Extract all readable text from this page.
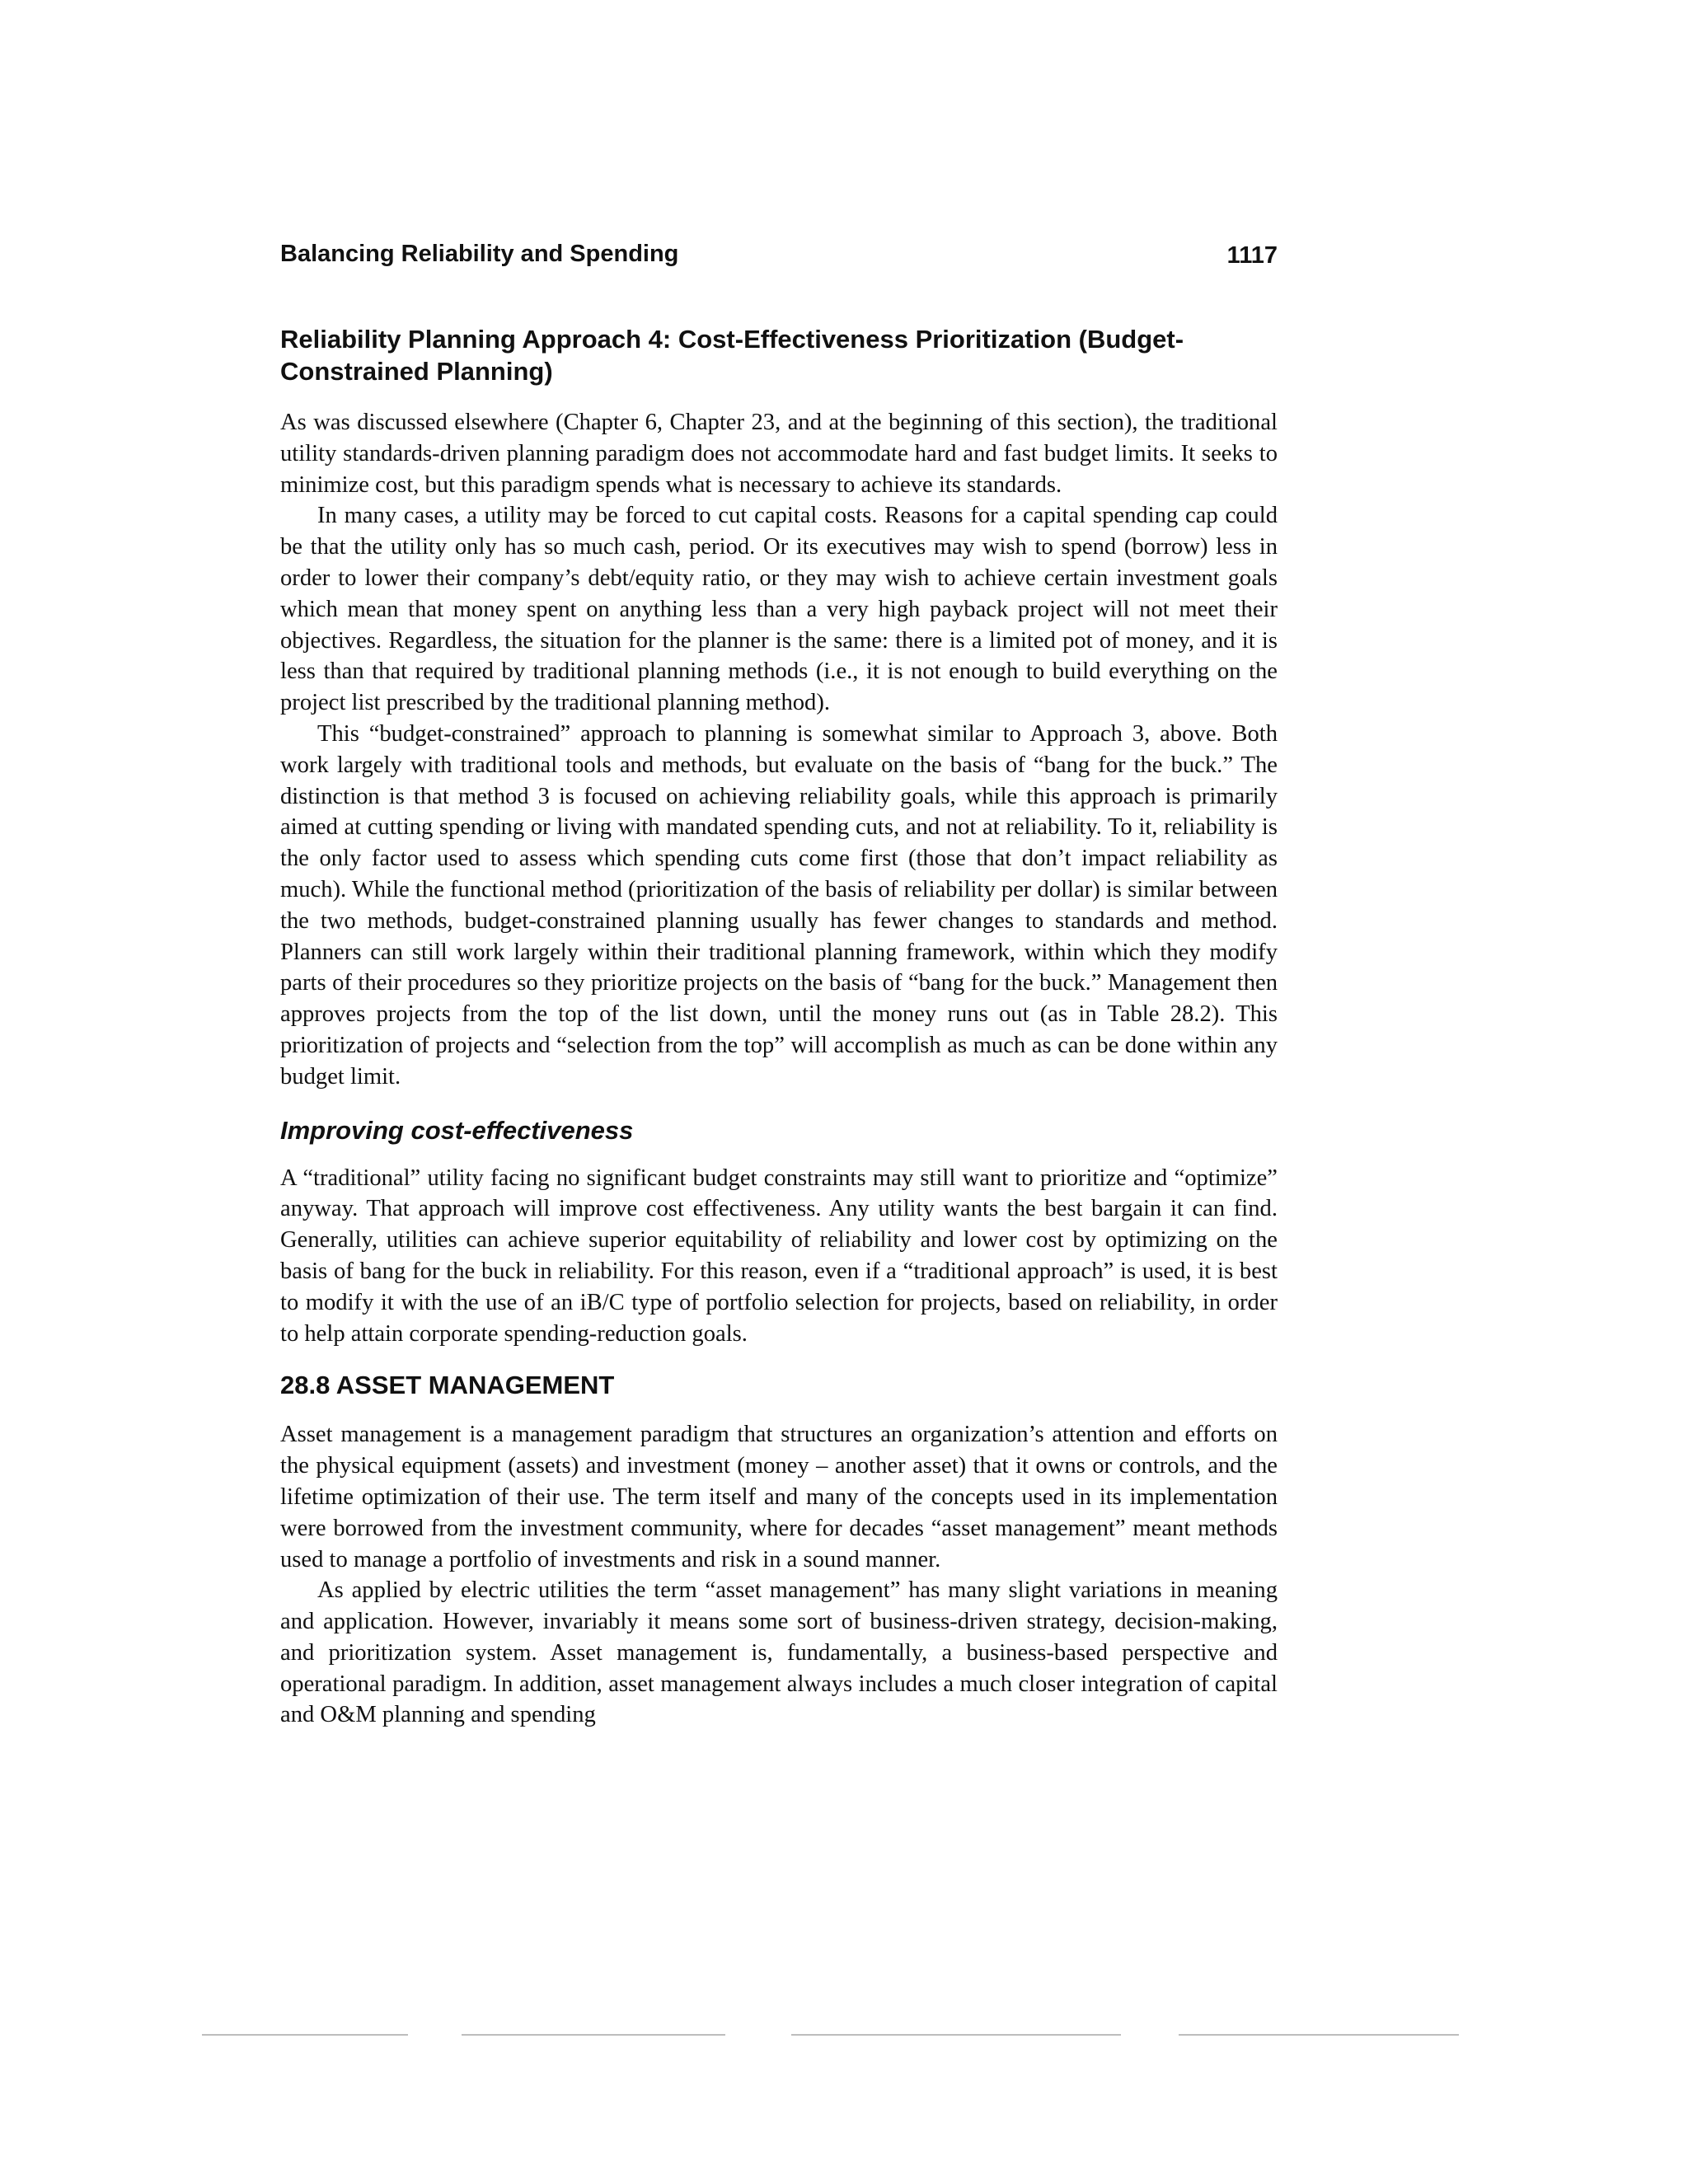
Balancing Reliability and Spending	1117
Reliability Planning Approach 4: Cost-Effectiveness Prioritization (Budget-Constrained Planning)

As was discussed elsewhere (Chapter 6, Chapter 23, and at the beginning of this section), the traditional utility standards-driven planning paradigm does not accommodate hard and fast budget limits. It seeks to minimize cost, but this paradigm spends what is necessary to achieve its standards.

In many cases, a utility may be forced to cut capital costs. Reasons for a capital spending cap could be that the utility only has so much cash, period. Or its executives may wish to spend (borrow) less in order to lower their company’s debt/equity ratio, or they may wish to achieve certain investment goals which mean that money spent on anything less than a very high payback project will not meet their objectives. Regardless, the situation for the planner is the same: there is a limited pot of money, and it is less than that required by traditional planning methods (i.e., it is not enough to build everything on the project list prescribed by the traditional planning method).

This “budget-constrained” approach to planning is somewhat similar to Approach 3, above. Both work largely with traditional tools and methods, but evaluate on the basis of “bang for the buck.” The distinction is that method 3 is focused on achieving reliability goals, while this approach is primarily aimed at cutting spending or living with mandated spending cuts, and not at reliability. To it, reliability is the only factor used to assess which spending cuts come first (those that don’t impact reliability as much). While the functional method (prioritization of the basis of reliability per dollar) is similar between the two methods, budget-constrained planning usually has fewer changes to standards and method. Planners can still work largely within their traditional planning framework, within which they modify parts of their procedures so they prioritize projects on the basis of “bang for the buck.” Management then approves projects from the top of the list down, until the money runs out (as in Table 28.2). This prioritization of projects and “selection from the top” will accomplish as much as can be done within any budget limit.

Improving cost-effectiveness

A “traditional” utility facing no significant budget constraints may still want to prioritize and “optimize” anyway. That approach will improve cost effectiveness. Any utility wants the best bargain it can find. Generally, utilities can achieve superior equitability of reliability and lower cost by optimizing on the basis of bang for the buck in reliability. For this reason, even if a “traditional approach” is used, it is best to modify it with the use of an iB/C type of portfolio selection for projects, based on reliability, in order to help attain corporate spending-reduction goals.

28.8 ASSET MANAGEMENT

Asset management is a management paradigm that structures an organization’s attention and efforts on the physical equipment (assets) and investment (money – another asset) that it owns or controls, and the lifetime optimization of their use. The term itself and many of the concepts used in its implementation were borrowed from the investment community, where for decades “asset management” meant methods used to manage a portfolio of investments and risk in a sound manner.

As applied by electric utilities the term “asset management” has many slight variations in meaning and application. However, invariably it means some sort of business-driven strategy, decision-making, and prioritization system. Asset management is, fundamentally, a business-based perspective and operational paradigm. In addition, asset management always includes a much closer integration of capital and O&M planning and spending
